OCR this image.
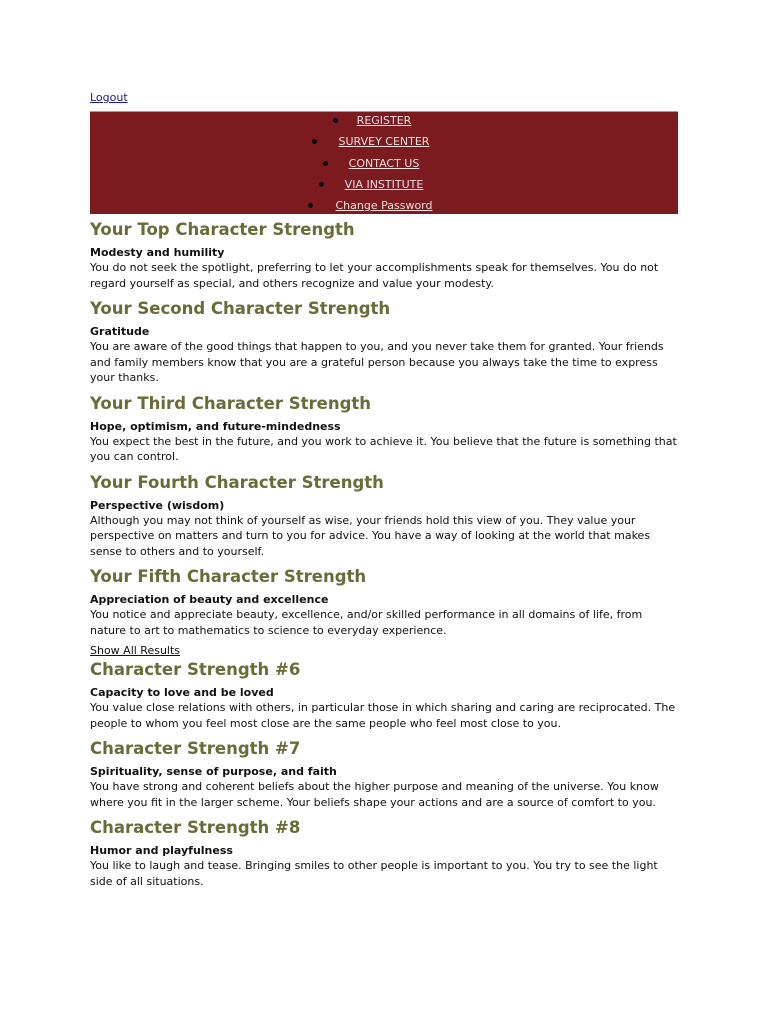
Logout
REGISTER
SURVEY CENTER
CONTACT US
VIA INSTITUTE
Change Password
Your Top Character Strength
Modesty and humility

You do not seek the spotlight, preferring to let your accomplishments speak for themselves. You do not regard yourself as special, and others recognize and value your modesty.

Your Second Character Strength
Gratitude

You are aware of the good things that happen to you, and you never take them for granted. Your friends and family members know that you are a grateful person because you always take the time to express your thanks.

Your Third Character Strength
Hope, optimism, and future-mindedness

You expect the best in the future, and you work to achieve it. You believe that the future is something that you can control.

Your Fourth Character Strength
Perspective (wisdom)

Although you may not think of yourself as wise, your friends hold this view of you. They value your perspective on matters and turn to you for advice. You have a way of looking at the world that makes sense to others and to yourself.

Your Fifth Character Strength
Appreciation of beauty and excellence

You notice and appreciate beauty, excellence, and/or skilled performance in all domains of life, from nature to art to mathematics to science to everyday experience.

Show All Results
Character Strength #6
Capacity to love and be loved

You value close relations with others, in particular those in which sharing and caring are reciprocated. The people to whom you feel most close are the same people who feel most close to you.

Character Strength #7
Spirituality, sense of purpose, and faith

You have strong and coherent beliefs about the higher purpose and meaning of the universe. You know where you fit in the larger scheme. Your beliefs shape your actions and are a source of comfort to you.

Character Strength #8
Humor and playfulness

You like to laugh and tease. Bringing smiles to other people is important to you. You try to see the light side of all situations.
